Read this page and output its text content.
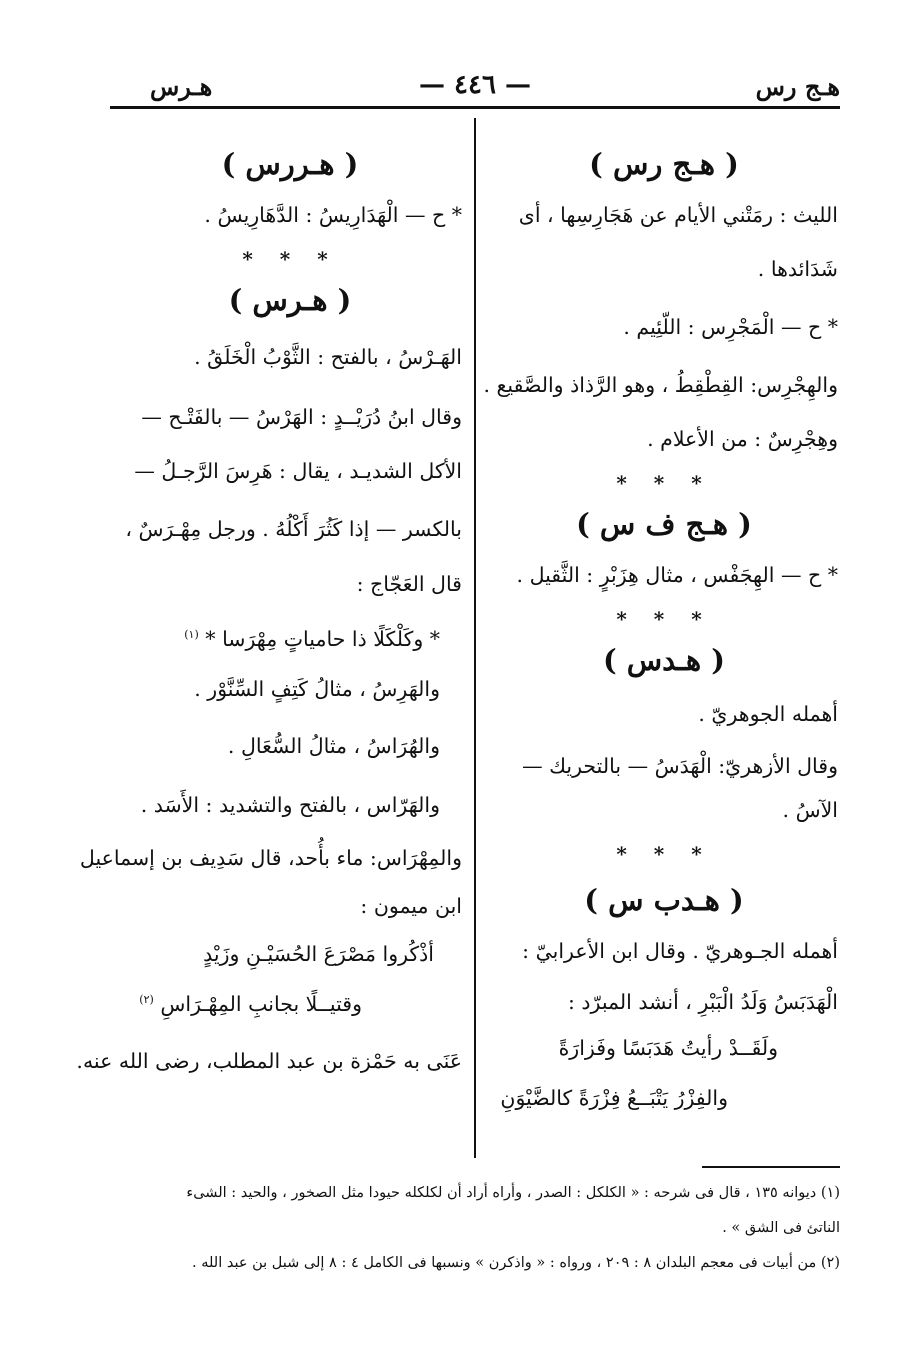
هـج رس
— ٤٤٦ —
هـرس
( هـج رس )
الليث : رمَتْني الأيام عن هَجَارِسِها ، أى
شَدَائدها .
* ح — الْمَجْرِس : اللّئِيم .
والهِجْرِس: القِطْقِطُ ، وهو الرَّذاذ والصَّقيع .
وهِجْرِسٌ : من الأعلام .
* * *
( هـج ف س )
* ح — الهِجَفْس ، مثال هِزَبْرٍ : الثَّقيل .
* * *
( هـدس )
أهمله الجوهريّ .
وقال الأزهريّ: الْهَدَسُ — بالتحريك —
الآسُ .
* * *
( هـدب س )
أهمله الجـوهريّ . وقال ابن الأعرابيّ :
الْهَدَبَسُ وَلَدُ الْبَبْرِ ، أنشد المبرّد :
ولَقَــدْ رأيتُ هَدَبَسًا وفَزارَةً
والفِزْرُ يَتْبَــعُ فِزْرَةً كالضَّيْوَنِ
( هـررس )
* ح — الْهَدَارِيسُ : الدَّهَارِيسُ .
* * *
( هـرس )
الهَـرْسُ ، بالفتح : الثَّوْبُ الْخَلَقُ .
وقال ابنُ دُرَيْــدٍ : الهَرْسُ — بالفَتْـح —
الأكل الشديـد ، يقال : هَرِسَ الرَّجـلُ —
بالكسر — إذا كَثُرَ أَكْلُهُ . ورجل مِهْـرَسٌ ،
قال العَجّاج :
* وكَلْكَلًا ذا حامياتٍ مِهْرَسا * $^{(١)}$
والهَرِسُ ، مثالُ كَتِفٍ السِّنَّوْر .
والهُرَاسُ ، مثالُ السُّعَالِ .
والهَرّاس ، بالفتح والتشديد : الأَسَد .
والمِهْرَاس: ماء بأُحد، قال سَدِيف بن إسماعيل
ابن ميمون :
أذْكُروا مَصْرَعَ الحُسَيْـنِ وزَيْدٍ
وقتيــلًا بجانبِ المِهْـرَاسِ $^{(٢)}$
عَنَى به حَمْزة بن عبد المطلب، رضى الله عنه.
(١) ديوانه ١٣٥ ، قال فى شرحه : « الكلكل : الصدر ، وأراه أراد أن لكلكله حيودا مثل الصخور ، والحيد : الشىء
الناتئ فى الشق » .
(٢) من أبيات فى معجم البلدان ٨ : ٢٠٩ ، ورواه : « واذكرن » ونسبها فى الكامل ٤ : ٨ إلى شبل بن عبد الله .
